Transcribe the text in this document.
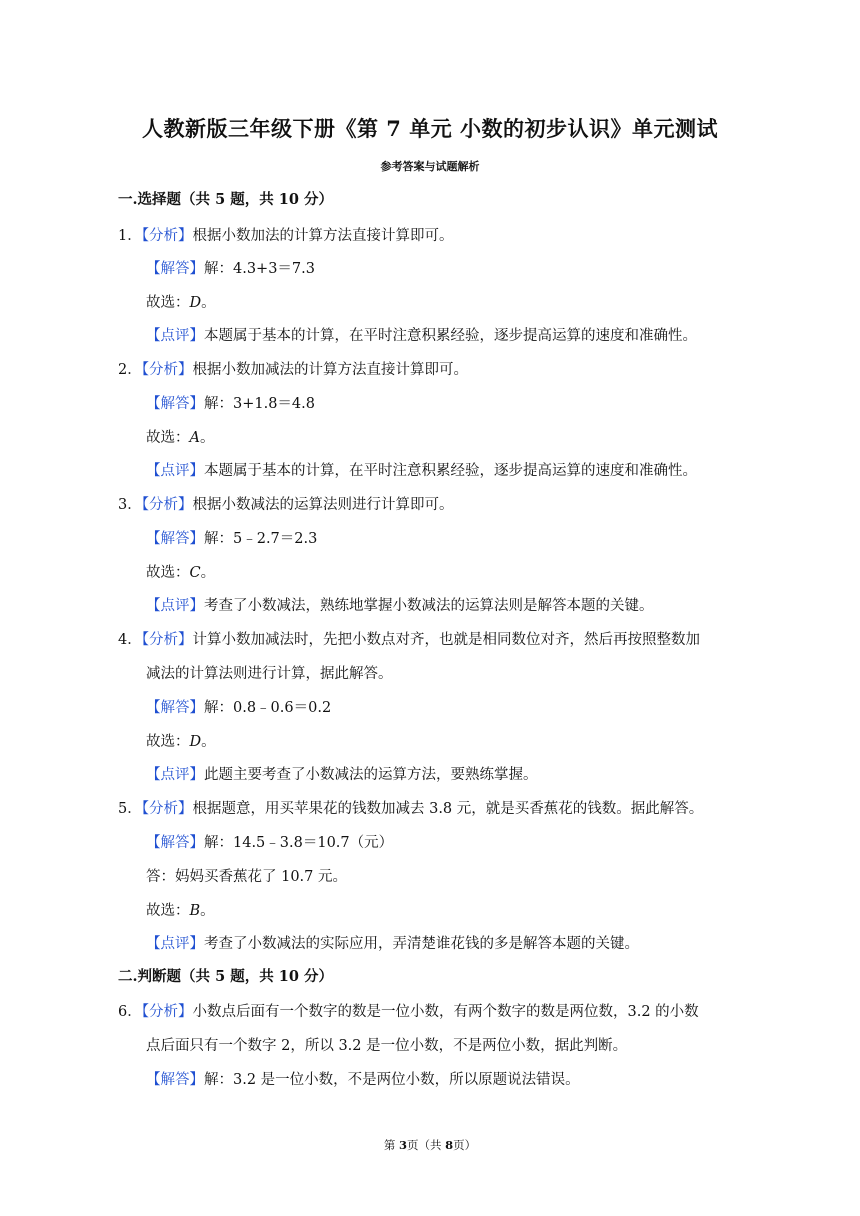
人教新版三年级下册《第 7 单元 小数的初步认识》单元测试
参考答案与试题解析
一.选择题（共 5 题，共 10 分）
1．【分析】根据小数加法的计算方法直接计算即可。
【解答】解：4.3+3＝7.3
故选：D。
【点评】本题属于基本的计算，在平时注意积累经验，逐步提高运算的速度和准确性。
2．【分析】根据小数加减法的计算方法直接计算即可。
【解答】解：3+1.8＝4.8
故选：A。
【点评】本题属于基本的计算，在平时注意积累经验，逐步提高运算的速度和准确性。
3．【分析】根据小数减法的运算法则进行计算即可。
【解答】解：5﹣2.7＝2.3
故选：C。
【点评】考查了小数减法，熟练地掌握小数减法的运算法则是解答本题的关键。
4．【分析】计算小数加减法时，先把小数点对齐，也就是相同数位对齐，然后再按照整数加
减法的计算法则进行计算，据此解答。
【解答】解：0.8﹣0.6＝0.2
故选：D。
【点评】此题主要考查了小数减法的运算方法，要熟练掌握。
5．【分析】根据题意，用买苹果花的钱数加减去 3.8 元，就是买香蕉花的钱数。据此解答。
【解答】解：14.5﹣3.8＝10.7（元）
答：妈妈买香蕉花了 10.7 元。
故选：B。
【点评】考查了小数减法的实际应用，弄清楚谁花钱的多是解答本题的关键。
二.判断题（共 5 题，共 10 分）
6．【分析】小数点后面有一个数字的数是一位小数，有两个数字的数是两位数，3.2 的小数
点后面只有一个数字 2，所以 3.2 是一位小数，不是两位小数，据此判断。
【解答】解：3.2 是一位小数，不是两位小数，所以原题说法错误。
第 3页（共 8页）
